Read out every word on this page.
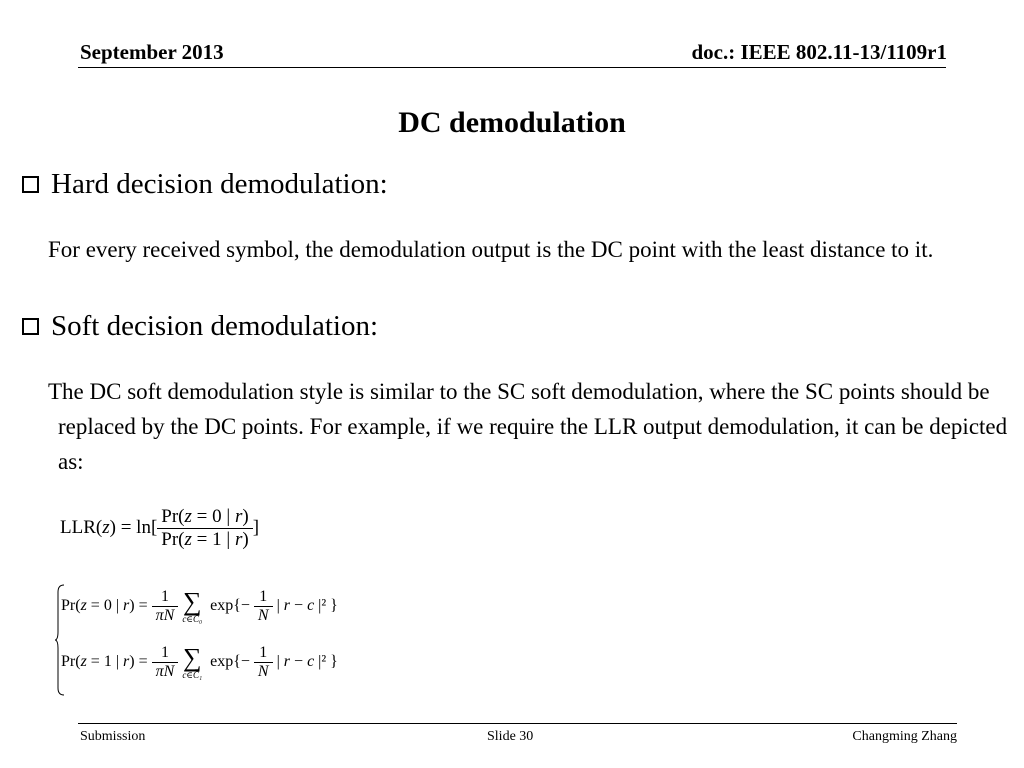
September 2013	doc.: IEEE 802.11-13/1109r1
DC demodulation
Hard decision demodulation:
For every received symbol, the demodulation output is the DC point with the least distance to it.
Soft decision demodulation:
The DC soft demodulation style is similar to the SC soft demodulation, where the SC points should be replaced by the DC points. For example, if we require the LLR output demodulation, it can be depicted as:
$LLR(z) = \ln[ \frac{Pr(z = 0 | r)}{Pr(z = 1 | r)}$ ]
Pr(z = 0 | $r) = \frac{1}{\pi N}$ ∑
c∈C₀
$\exp\{- \frac{1}{N}$ | r − c |² }
Pr(z = 1 | $r) = \frac{1}{\pi N}$ ∑
c∈C₁
$\exp\{- \frac{1}{N}$ | r − c |² }
Submission	Slide 30	Changming Zhang
